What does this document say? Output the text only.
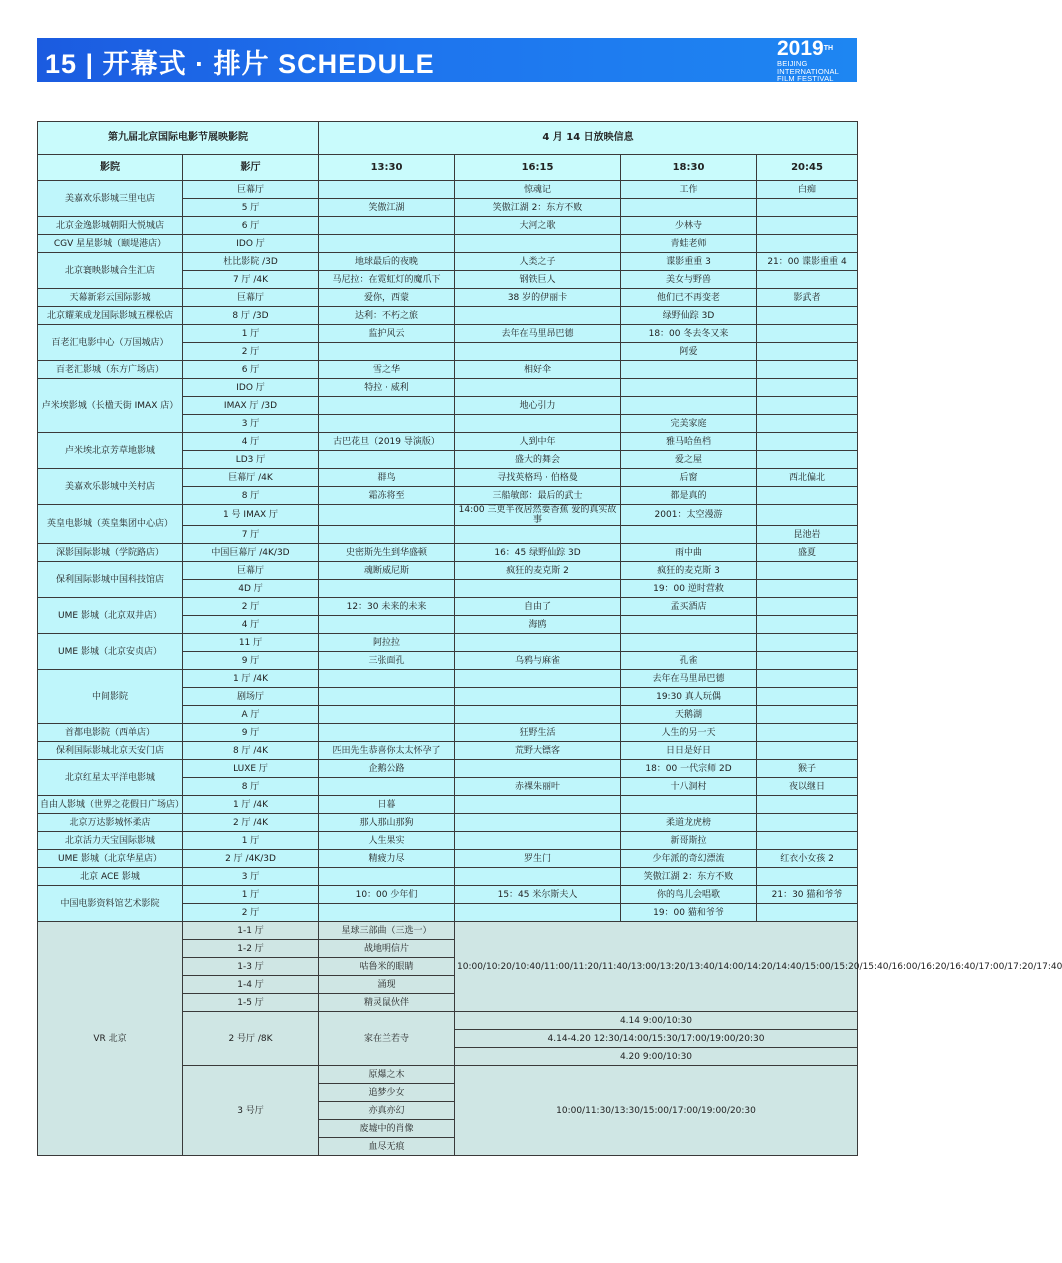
15 | 开幕式 · 排片 SCHEDULE
2019TH
BEIJING
INTERNATIONAL
FILM FESTIVAL
第九届北京国际电影节展映影院		4 月 14 日放映信息			
影院	影厅	13:30	16:15	18:30	20:45
美嘉欢乐影城三里屯店	巨幕厅		惊魂记	工作	白痴
	5 厅	笑傲江湖	笑傲江湖 2：东方不败		
北京金逸影城朝阳大悦城店	6 厅		大河之歌	少林寺	
CGV 星星影城（颐堤港店）	IDO 厅			青蛙老师	
北京寰映影城合生汇店	杜比影院 /3D	地球最后的夜晚	人类之子	谍影重重 3	21：00 谍影重重 4
	7 厅 /4K	马尼拉：在霓虹灯的魔爪下	钢铁巨人	美女与野兽	
天幕新彩云国际影城	巨幕厅	爱你，西蒙	38 岁的伊丽卡	他们已不再变老	影武者
北京耀莱成龙国际影城五棵松店	8 厅 /3D	达利：不朽之旅		绿野仙踪 3D	
百老汇电影中心（万国城店）	1 厅	监护风云	去年在马里昂巴德	18：00 冬去冬又来	
	2 厅			阿爱	
百老汇影城（东方广场店）	6 厅	雪之华	相好伞		
卢米埃影城（长楹天街 IMAX 店）	IDO 厅	特拉 · 威利			
	IMAX 厅 /3D		地心引力		
	3 厅			完美家庭	
卢米埃北京芳草地影城	4 厅	古巴花旦（2019 导演版）	人到中年	雅马哈鱼档	
	LD3 厅		盛大的舞会	爱之屋	
美嘉欢乐影城中关村店	巨幕厅 /4K	群鸟	寻找英格玛 · 伯格曼	后窗	西北偏北
	8 厅	霜冻将至	三船敏郎：最后的武士	都是真的	
英皇电影城（英皇集团中心店）	1 号 IMAX 厅		14:00 三更半夜居然要香蕉 爱的真实故事	2001：太空漫游	
	7 厅				昆池岩
深影国际影城（学院路店）	中国巨幕厅 /4K/3D	史密斯先生到华盛顿	16：45 绿野仙踪 3D	雨中曲	盛夏
保利国际影城中国科技馆店	巨幕厅	魂断威尼斯	疯狂的麦克斯 2	疯狂的麦克斯 3	
	4D 厅			19：00 逆时营救	
UME 影城（北京双井店）	2 厅	12：30 未来的未来	自由了	孟买酒店	
	4 厅		海鸥		
UME 影城（北京安贞店）	11 厅	阿拉拉			
	9 厅	三张面孔	乌鸦与麻雀	孔雀	
中间影院	1 厅 /4K			去年在马里昂巴德	
	剧场厅			19:30 真人玩偶	
	A 厅			天鹅湖	
首都电影院（西单店）	9 厅		狂野生活	人生的另一天	
保利国际影城北京天安门店	8 厅 /4K	匹田先生恭喜你太太怀孕了	荒野大镖客	日日是好日	
北京红星太平洋电影城	LUXE 厅	企鹅公路		18：00 一代宗师 2D	猴子
	8 厅		赤裸朱丽叶	十八洞村	夜以继日
自由人影城（世界之花假日广场店）	1 厅 /4K	日暮			
北京万达影城怀柔店	2 厅 /4K	那人那山那狗		柔道龙虎榜	
北京活力天宝国际影城	1 厅	人生果实		新哥斯拉	
UME 影城（北京华星店）	2 厅 /4K/3D	精疲力尽	罗生门	少年派的奇幻漂流	红衣小女孩 2
北京 ACE 影城	3 厅			笑傲江湖 2：东方不败	
中国电影资料馆艺术影院	1 厅	10：00 少年们	15：45 米尔斯夫人	你的鸟儿会唱歌	21：30 猫和爷爷
	2 厅			19：00 猫和爷爷	
VR 北京	1-1 厅	星球三部曲（三选一）	10:00/10:20/10:40/11:00/11:20/11:40/13:00/13:20/13:40/14:00/14:20/14:40/15:00/15:20/15:40/16:00/16:20/16:40/17:00/17:20/17:40		
	1-2 厅	战地明信片			
	1-3 厅	咕鲁米的眼睛			
	1-4 厅	涌现			
	1-5 厅	精灵鼠伙伴			
	2 号厅 /8K	家在兰若寺	4.14 9:00/10:30		
			4.14-4.20 12:30/14:00/15:30/17:00/19:00/20:30		
			4.20 9:00/10:30		
	3 号厅	原爆之木	10:00/11:30/13:30/15:00/17:00/19:00/20:30		
		追梦少女			
		亦真亦幻			
		废墟中的肖像			
		血尽无痕			
